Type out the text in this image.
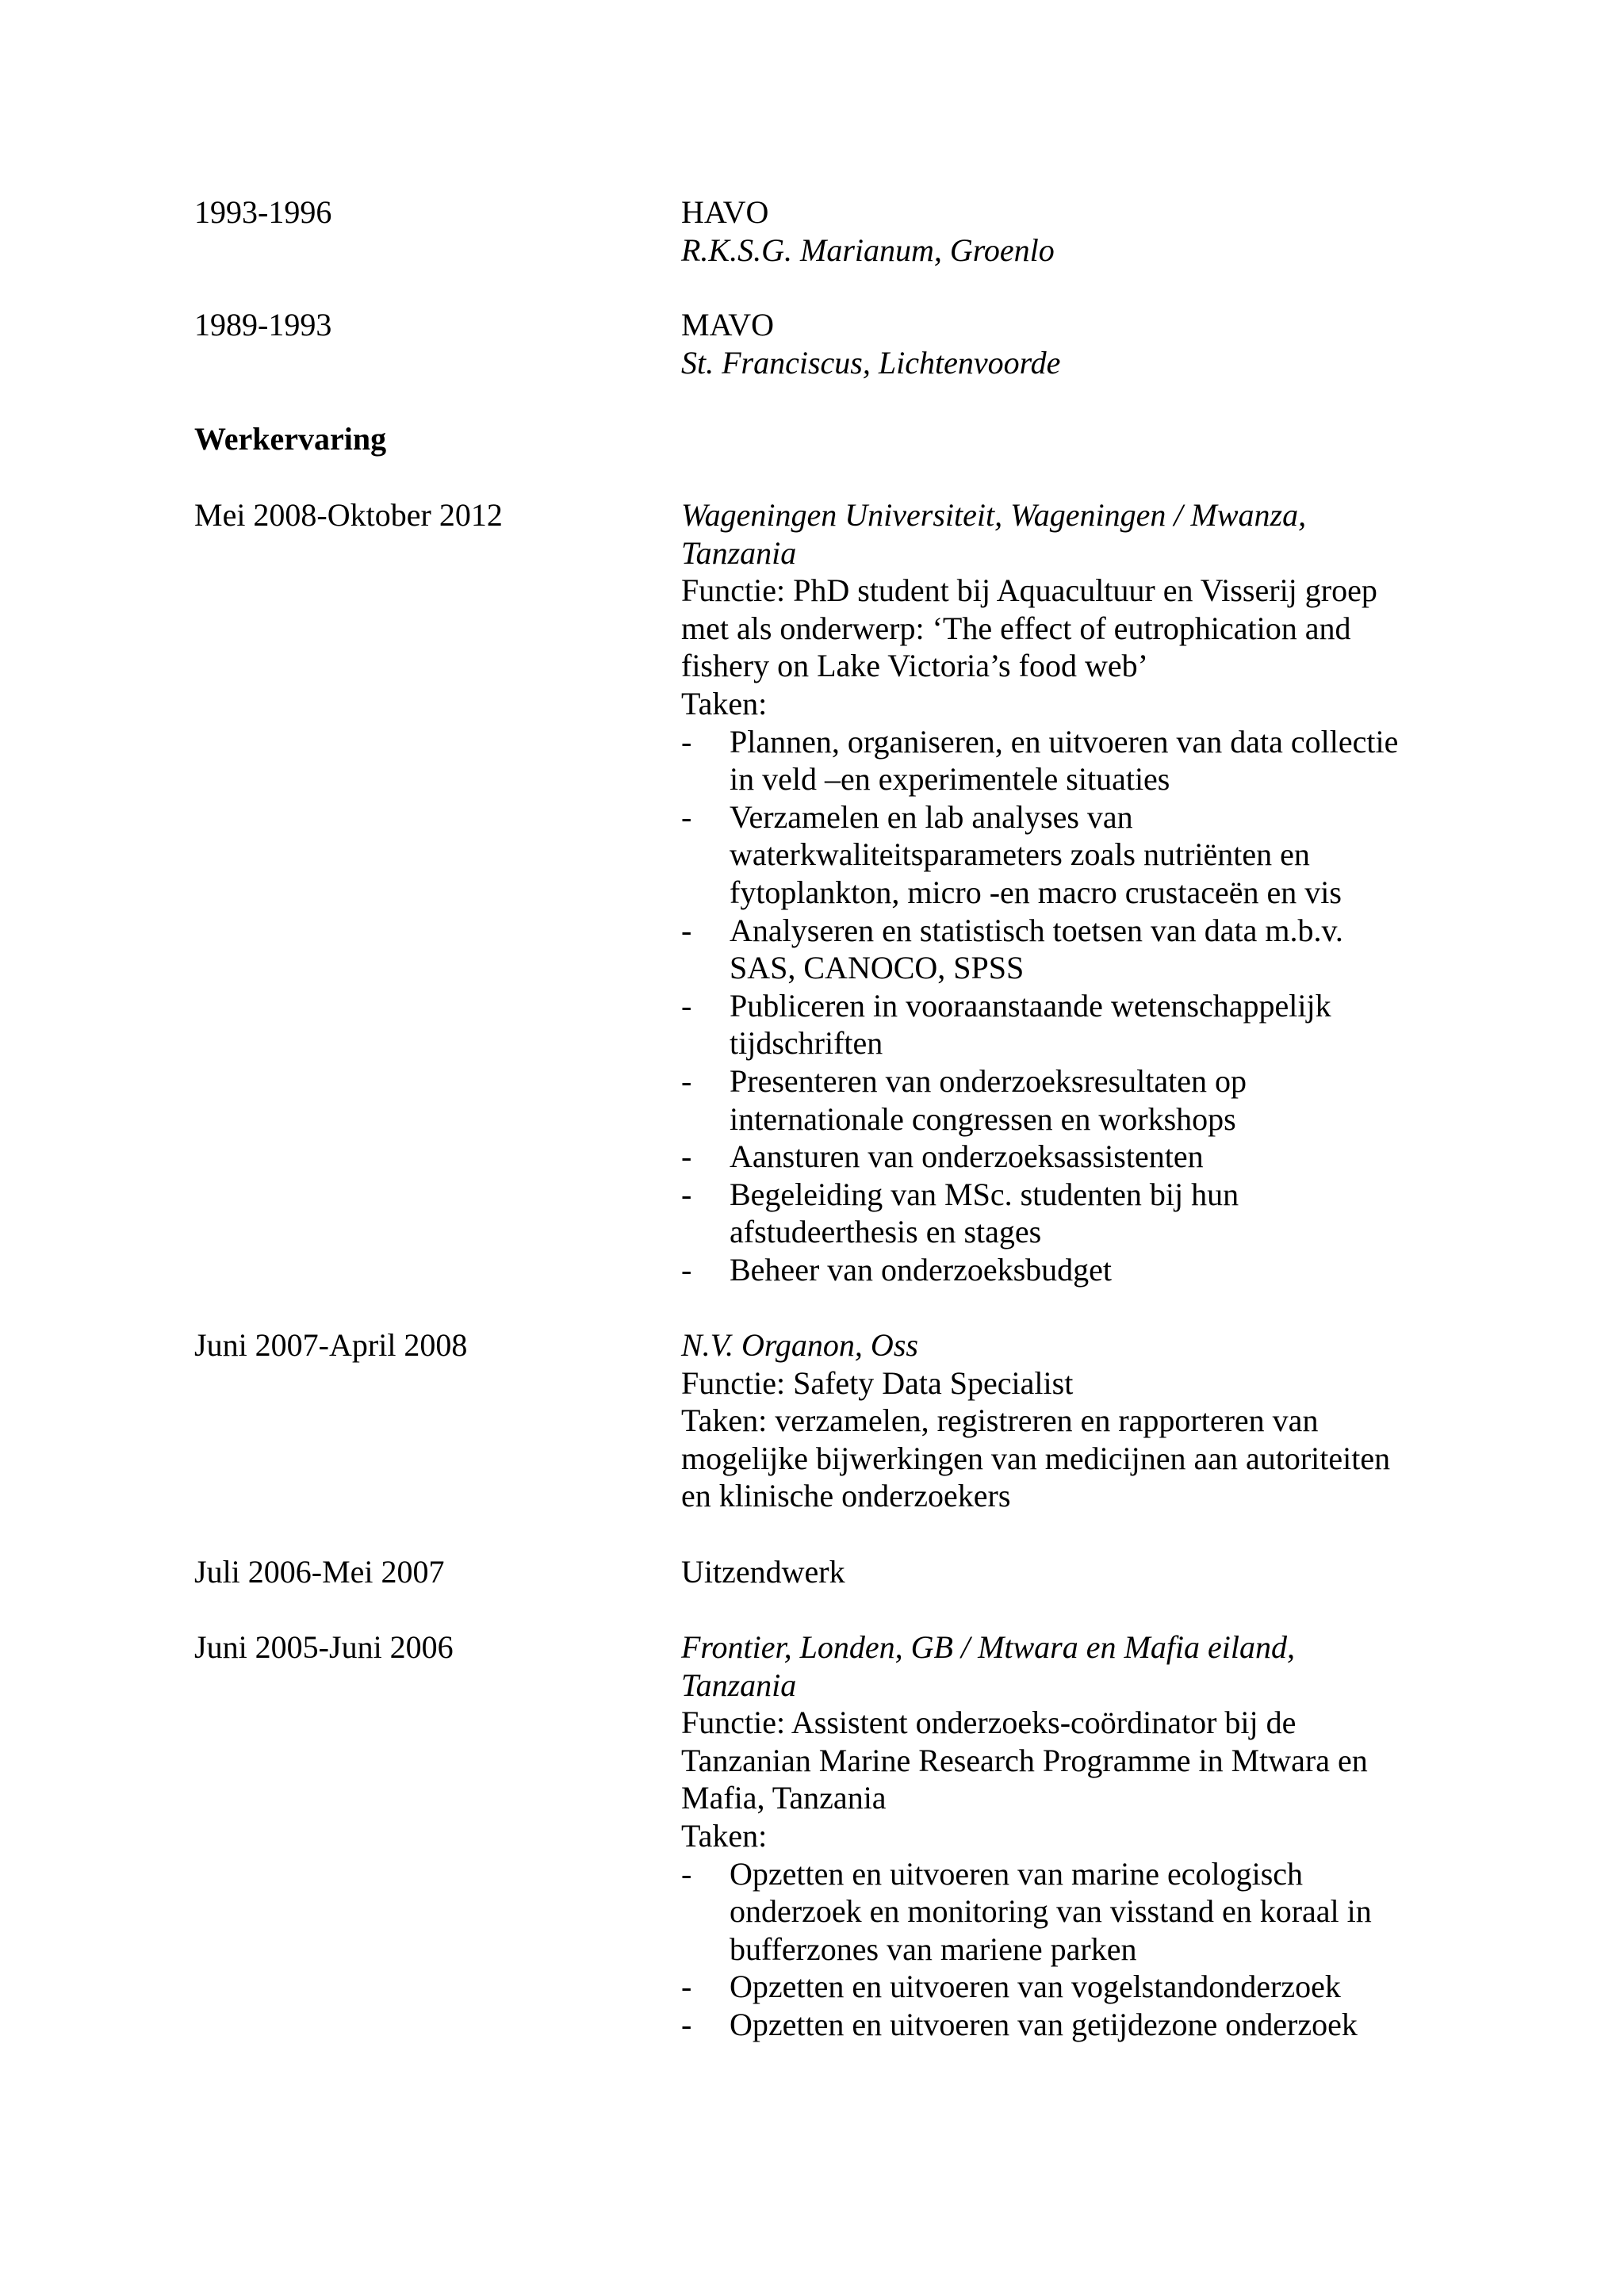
1993-1996	HAVO
R.K.S.G. Marianum, Groenlo
1989-1993	MAVO
St. Franciscus, Lichtenvoorde
Werkervaring
Mei 2008-Oktober 2012	Wageningen Universiteit, Wageningen / Mwanza,
Tanzania
Functie: PhD student bij Aquacultuur en Visserij groep
met als onderwerp: ‘The effect of eutrophication and
fishery on Lake Victoria’s food web’
Taken:
- Plannen, organiseren, en uitvoeren van data collectie
in veld –en experimentele situaties
- Verzamelen en lab analyses van
waterkwaliteitsparameters zoals nutriënten en
fytoplankton, micro -en macro crustaceën en vis
- Analyseren en statistisch toetsen van data m.b.v.
SAS, CANOCO, SPSS
- Publiceren in vooraanstaande wetenschappelijk
tijdschriften
- Presenteren van onderzoeksresultaten op
internationale congressen en workshops
- Aansturen van onderzoeksassistenten
- Begeleiding van MSc. studenten bij hun
afstudeerthesis en stages
- Beheer van onderzoeksbudget
Juni 2007-April 2008	N.V. Organon, Oss
Functie: Safety Data Specialist
Taken: verzamelen, registreren en rapporteren van
mogelijke bijwerkingen van medicijnen aan autoriteiten
en klinische onderzoekers
Juli 2006-Mei 2007	Uitzendwerk
Juni 2005-Juni 2006	Frontier, Londen, GB / Mtwara en Mafia eiland,
Tanzania
Functie: Assistent onderzoeks-coördinator bij de
Tanzanian Marine Research Programme in Mtwara en
Mafia, Tanzania
Taken:
- Opzetten en uitvoeren van marine ecologisch
onderzoek en monitoring van visstand en koraal in
bufferzones van mariene parken
- Opzetten en uitvoeren van vogelstandonderzoek
- Opzetten en uitvoeren van getijdezone onderzoek
